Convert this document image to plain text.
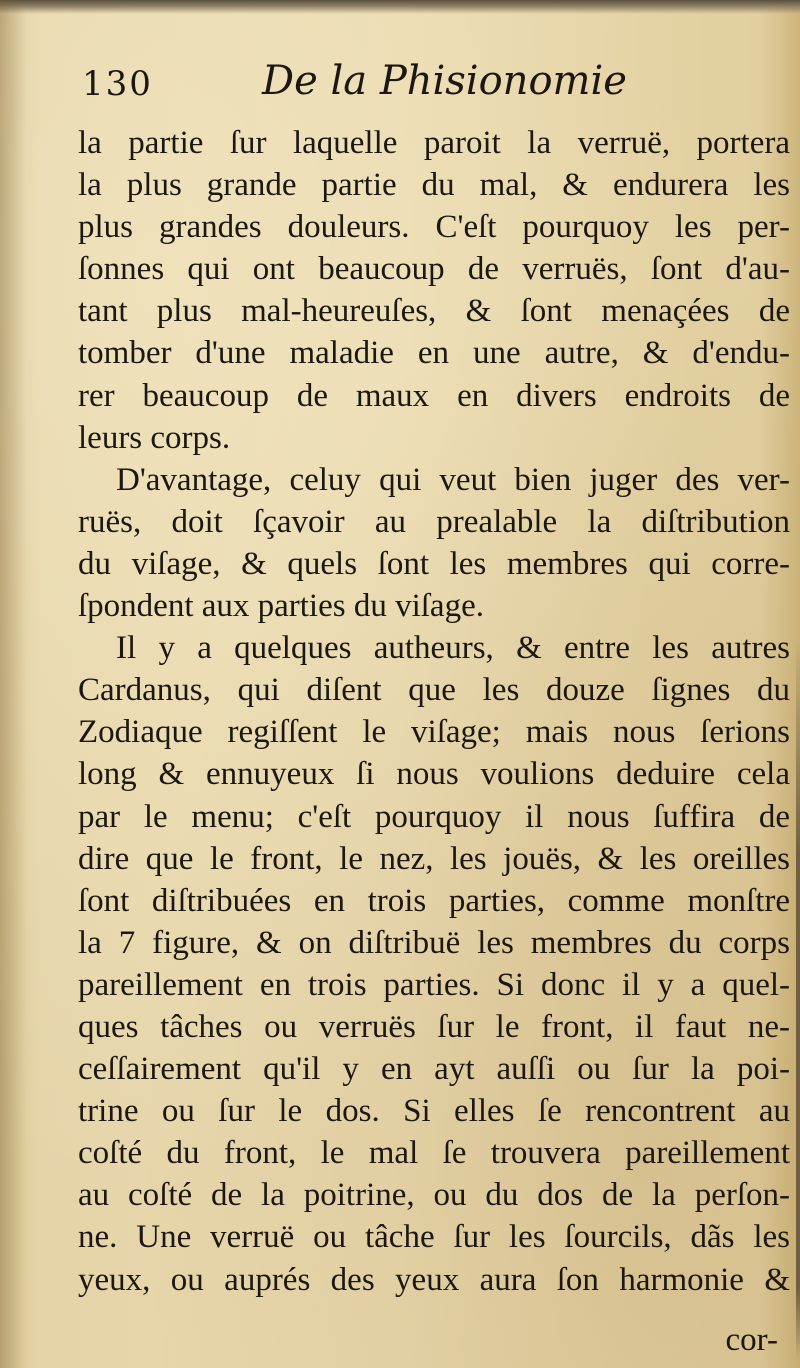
130	De la Phisionomie
la partie ſur laquelle paroit la verruë, portera
la plus grande partie du mal, & endurera les
plus grandes douleurs. C'eſt pourquoy les per-
ſonnes qui ont beaucoup de verruës, ſont d'au-
tant plus mal-heureuſes, & ſont menaçées de
tomber d'une maladie en une autre, & d'endu-
rer beaucoup de maux en divers endroits de
leurs corps.
D'avantage, celuy qui veut bien juger des ver-
ruës, doit ſçavoir au prealable la diſtribution
du viſage, & quels ſont les membres qui corre-
ſpondent aux parties du viſage.
Il y a quelques autheurs, & entre les autres
Cardanus, qui diſent que les douze ſignes du
Zodiaque regiſſent le viſage; mais nous ſerions
long & ennuyeux ſi nous voulions deduire cela
par le menu; c'eſt pourquoy il nous ſuffira de
dire que le front, le nez, les jouës, & les oreilles
ſont diſtribuées en trois parties, comme monſtre
la 7 figure, & on diſtribuë les membres du corps
pareillement en trois parties. Si donc il y a quel-
ques tâches ou verruës ſur le front, il faut ne-
ceſſairement qu'il y en ayt auſſi ou ſur la poi-
trine ou ſur le dos. Si elles ſe rencontrent au
coſté du front, le mal ſe trouvera pareillement
au coſté de la poitrine, ou du dos de la perſon-
ne. Une verruë ou tâche ſur les ſourcils, dãs les
yeux, ou auprés des yeux aura ſon harmonie &
cor-
